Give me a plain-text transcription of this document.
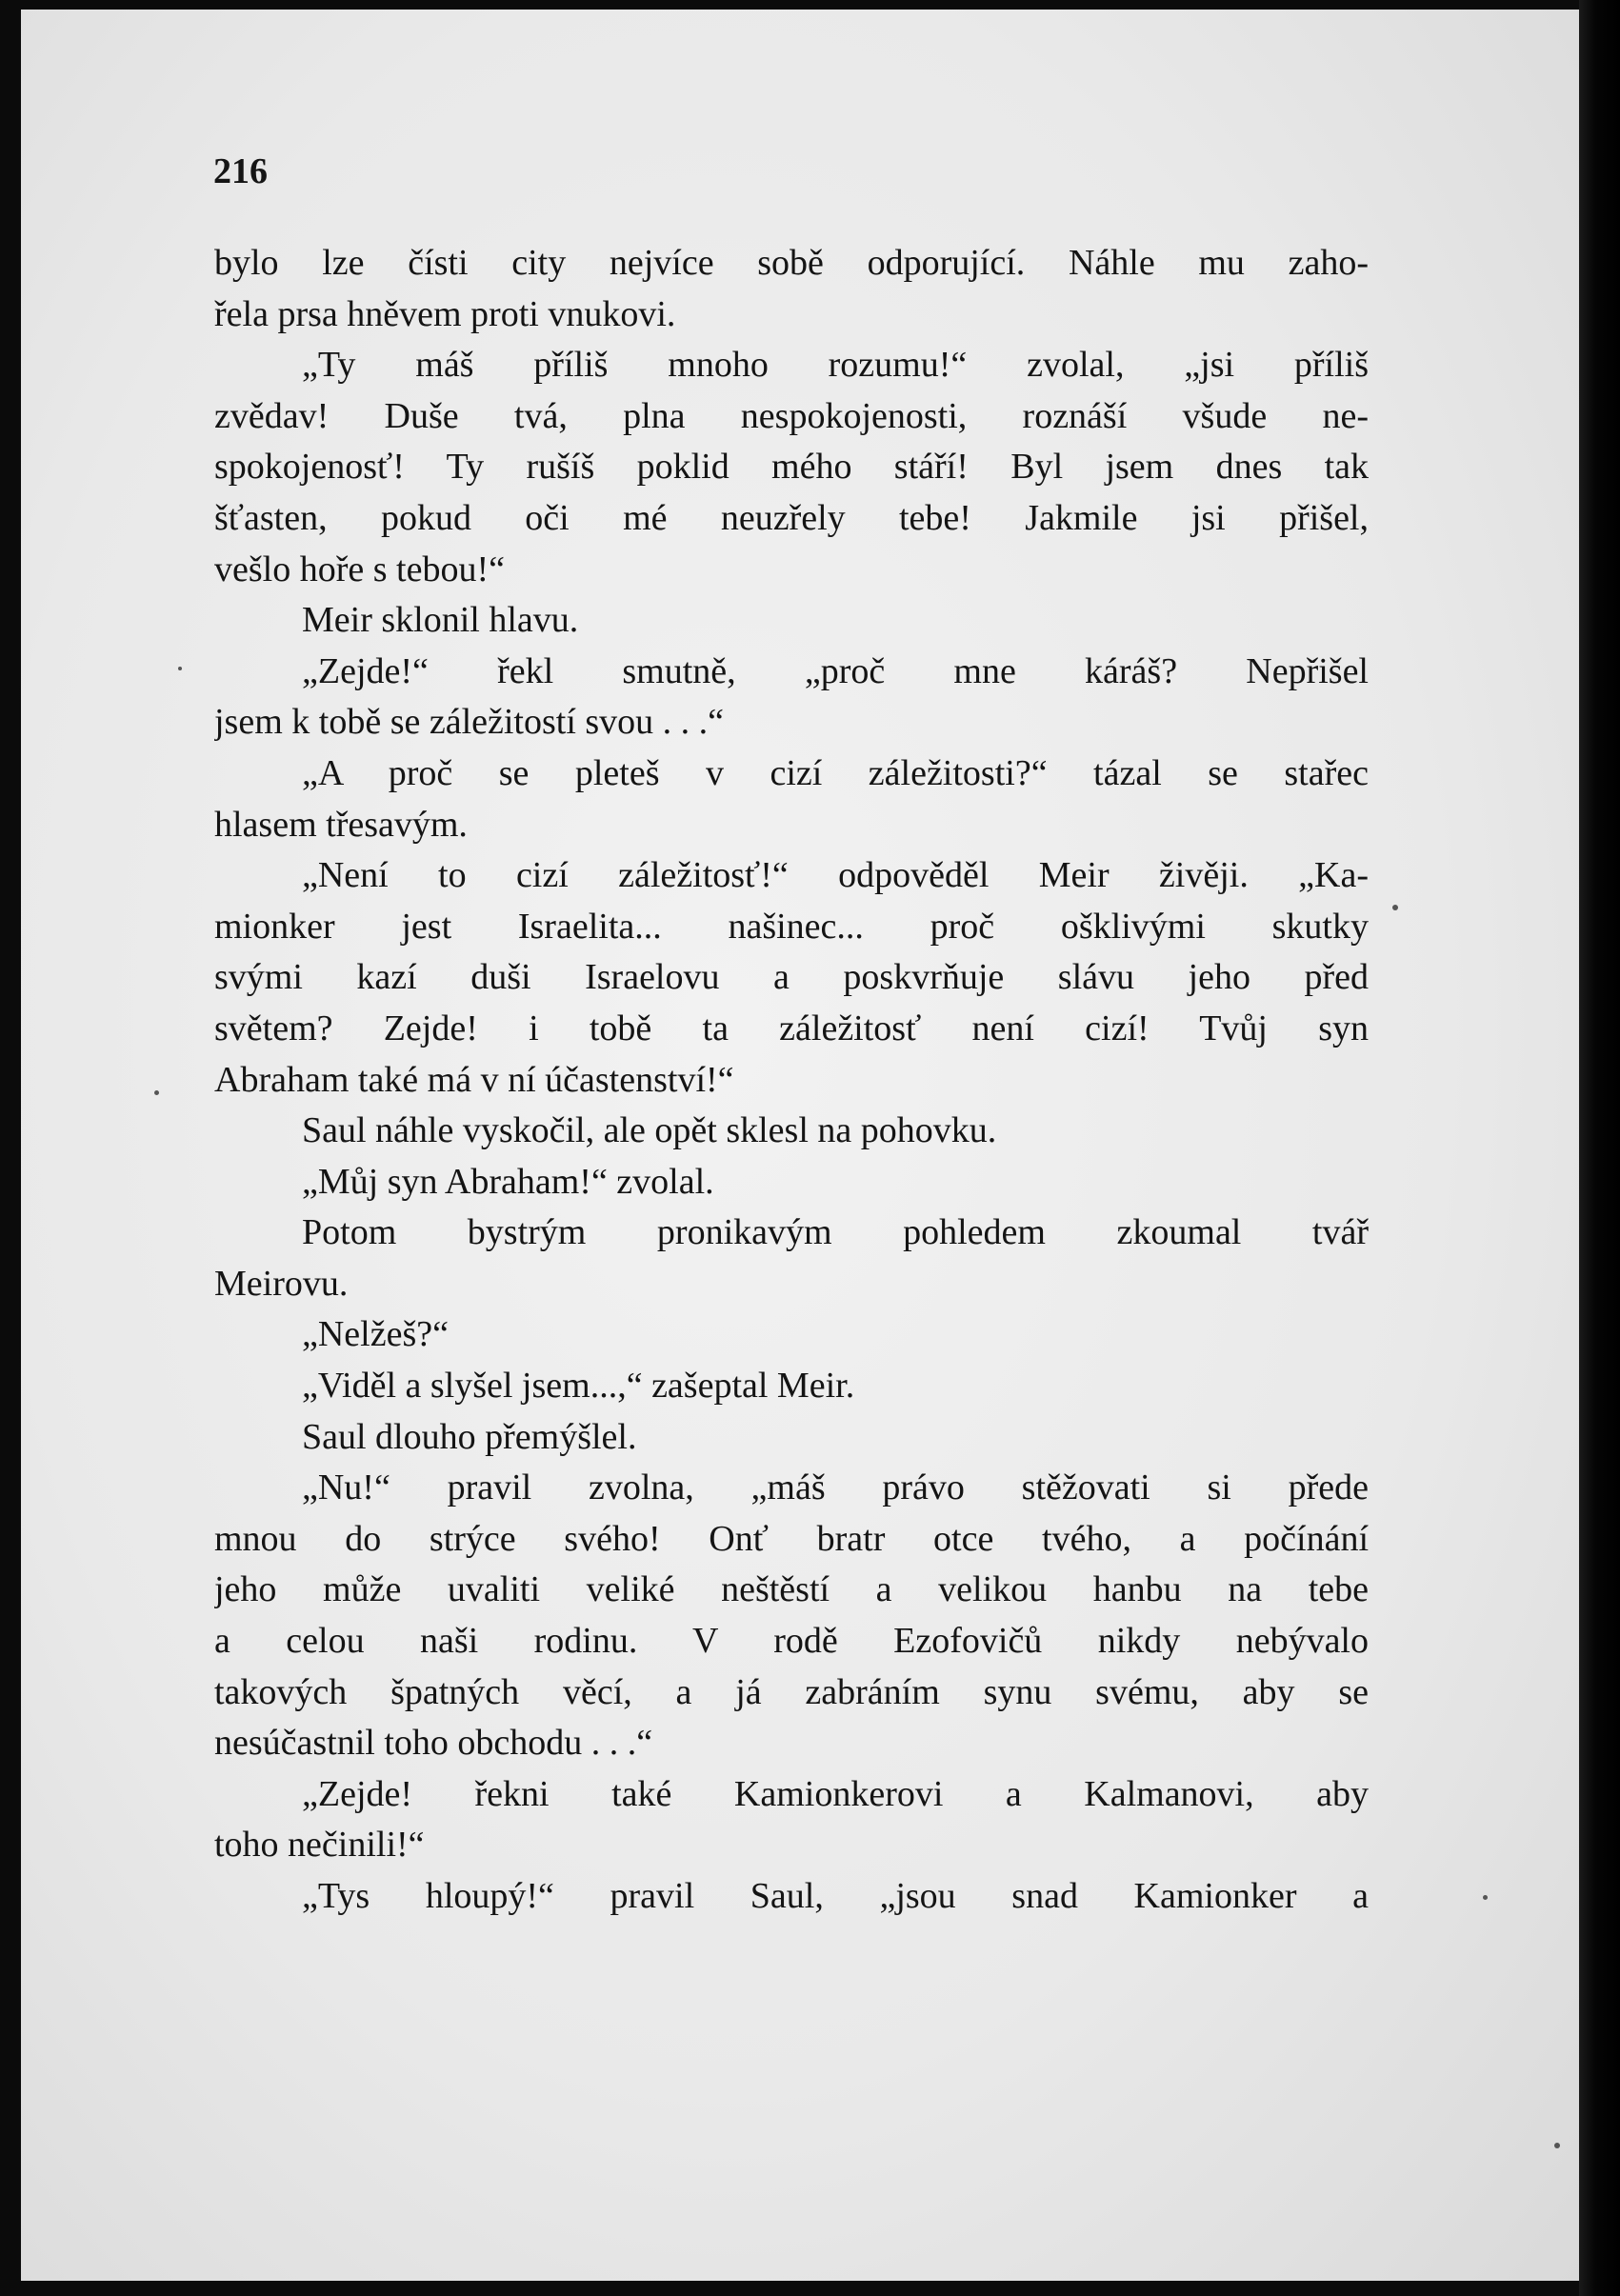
216
bylo lze čísti city nejvíce sobě odporující. Náhle mu zaho-
řela prsa hněvem proti vnukovi.
„Ty máš příliš mnoho rozumu!“ zvolal, „jsi příliš
zvědav! Duše tvá, plna nespokojenosti, roznáší všude ne-
spokojenosť! Ty rušíš poklid mého stáří! Byl jsem dnes tak
šťasten, pokud oči mé neuzřely tebe! Jakmile jsi přišel,
vešlo hoře s tebou!“
Meir sklonil hlavu.
„Zejde!“ řekl smutně, „proč mne káráš? Nepřišel
jsem k tobě se záležitostí svou . . .“
„A proč se pleteš v cizí záležitosti?“ tázal se stařec
hlasem třesavým.
„Není to cizí záležitosť!“ odpověděl Meir živěji. „Ka-
mionker jest Israelita... našinec... proč ošklivými skutky
svými kazí duši Israelovu a poskvrňuje slávu jeho před
světem? Zejde! i tobě ta záležitosť není cizí! Tvůj syn
Abraham také má v ní účastenství!“
Saul náhle vyskočil, ale opět sklesl na pohovku.
„Můj syn Abraham!“ zvolal.
Potom bystrým pronikavým pohledem zkoumal tvář
Meirovu.
„Nelžeš?“
„Viděl a slyšel jsem...,“ zašeptal Meir.
Saul dlouho přemýšlel.
„Nu!“ pravil zvolna, „máš právo stěžovati si přede
mnou do strýce svého! Onť bratr otce tvého, a počínání
jeho může uvaliti veliké neštěstí a velikou hanbu na tebe
a celou naši rodinu. V rodě Ezofovičů nikdy nebývalo
takových špatných věcí, a já zabráním synu svému, aby se
nesúčastnil toho obchodu . . .“
„Zejde! řekni také Kamionkerovi a Kalmanovi, aby
toho nečinili!“
„Tys hloupý!“ pravil Saul, „jsou snad Kamionker a
